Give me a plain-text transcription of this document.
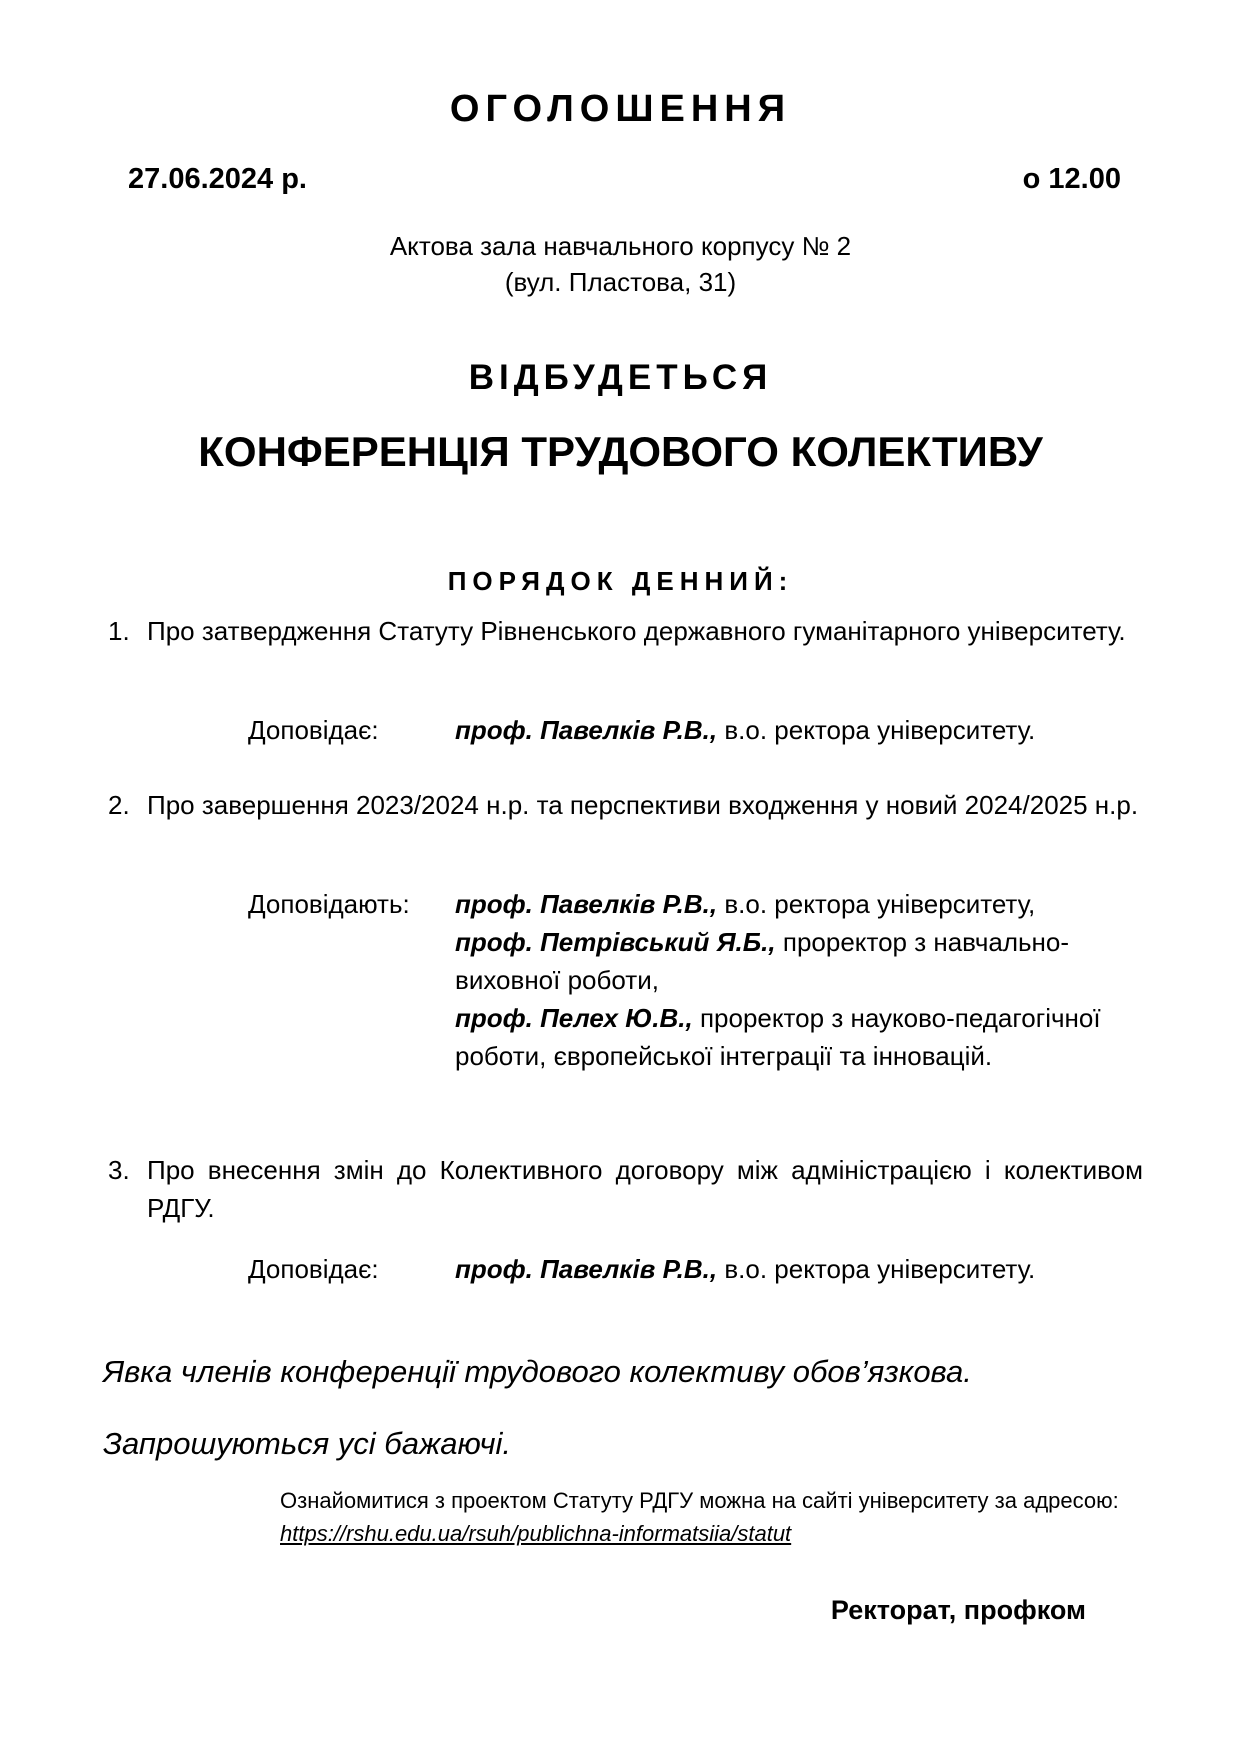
ОГОЛОШЕННЯ
27.06.2024 р.	о 12.00
Актова зала навчального корпусу № 2
(вул. Пластова, 31)
ВІДБУДЕТЬСЯ
КОНФЕРЕНЦІЯ ТРУДОВОГО КОЛЕКТИВУ
ПОРЯДОК ДЕННИЙ:
1. Про затвердження Статуту Рівненського державного гуманітарного університету.
Доповідає:	проф. Павелків Р.В., в.о. ректора університету.
2. Про завершення 2023/2024 н.р. та перспективи входження у новий 2024/2025 н.р.
Доповідають: проф. Павелків Р.В., в.о. ректора університету,
проф. Петрівський Я.Б., проректор з навчально-виховної роботи,
проф. Пелех Ю.В., проректор з науково-педагогічної роботи, європейської інтеграції та інновацій.
3. Про внесення змін до Колективного договору між адміністрацією і колективом РДГУ.
Доповідає:	проф. Павелків Р.В., в.о. ректора університету.
Явка членів конференції трудового колективу обов’язкова.
Запрошуються усі бажаючі.
Ознайомитися з проектом Статуту РДГУ можна на сайті університету за адресою: https://rshu.edu.ua/rsuh/publichna-informatsiia/statut
Ректорат, профком
